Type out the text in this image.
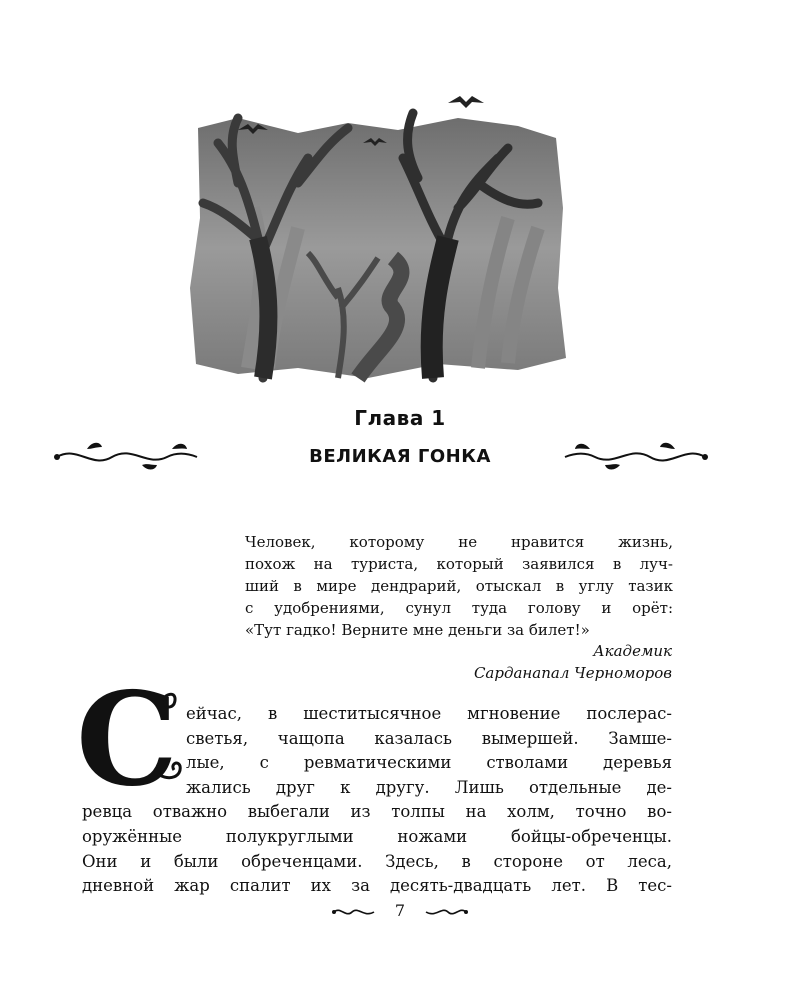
Глава 1
ВЕЛИКАЯ ГОНКА
Человек, которому не нравится жизнь,
похож на туриста, который заявился в луч-
ший в мире дендрарий, отыскал в углу тазик
с удобрениями, сунул туда голову и орёт:
«Тут гадко! Верните мне деньги за билет!»
Академик
Сарданапал Черноморов
С ейчас, в шеститысячное мгновение послерас-
светья, чащопа казалась вымершей. Замше-
лые, с ревматическими стволами деревья
жались друг к другу. Лишь отдельные де-
ревца отважно выбегали из толпы на холм, точно во-
оружённые полукруглыми ножами бойцы-обреченцы.
Они и были обреченцами. Здесь, в стороне от леса,
дневной жар спалит их за десять-двадцать лет. В тес-
7
